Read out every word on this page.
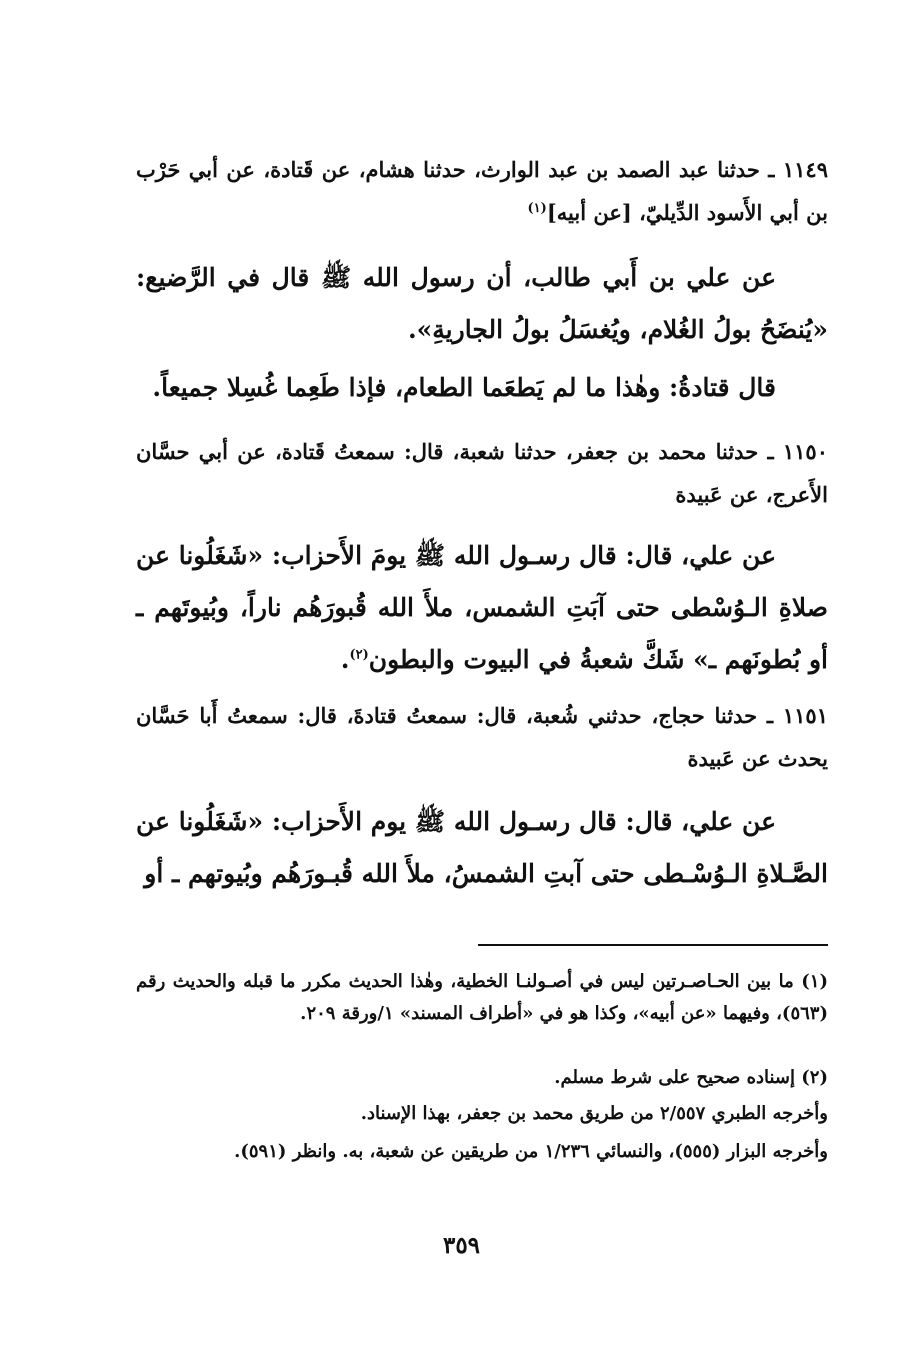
١١٤٩ ـ حدثنا عبد الصمد بن عبد الوارث، حدثنا هشام، عن قَتادة، عن أبي حَرْب بن أبي الأَسود الدِّيليّ، [عن أبيه]$^{(١)}$

عن علي بن أَبي طالب، أن رسول الله ﷺ قال في الرَّضيع: «يُنضَحُ بولُ الغُلام، ويُغسَلُ بولُ الجاريةِ».

قال قتادةُ: وهٰذا ما لم يَطعَما الطعام، فإذا طَعِما غُسِلا جميعاً.

١١٥٠ ـ حدثنا محمد بن جعفر، حدثنا شعبة، قال: سمعتُ قَتادة، عن أبي حسَّان الأَعرج، عن عَبيدة

عن علي، قال: قال رسـول الله ﷺ يومَ الأَحزاب: «شَغَلُونا عن صلاةِ الـوُسْطى حتى آبَتِ الشمس، ملأَ الله قُبورَهُم ناراً، وبُيوتَهم ـ أو بُطونَهم ـ» شَكَّ شعبةُ في البيوت والبطون$^{(٢)}$.

١١٥١ ـ حدثنا حجاج، حدثني شُعبة، قال: سمعتُ قتادةَ، قال: سمعتُ أَبا حَسَّان يحدث عن عَبيدة

عن علي، قال: قال رسـول الله ﷺ يوم الأَحزاب: «شَغَلُونا عن الصَّـلاةِ الـوُسْـطى حتى آبتِ الشمسُ، ملأَ الله قُبـورَهُم وبُيوتهم ـ أو

(١) ما بين الحـاصـرتين ليس في أصـولنـا الخطية، وهٰذا الحديث مكرر ما قبله والحديث رقم (٥٦٣)، وفيهما «عن أبيه»، وكذا هو في «أطراف المسند» ١/ورقة ٢٠٩.

(٢) إسناده صحيح على شرط مسلم.

وأخرجه الطبري ٢/٥٥٧ من طريق محمد بن جعفر، بهذا الإسناد.

وأخرجه البزار (٥٥٥)، والنسائي ١/٢٣٦ من طريقين عن شعبة، به. وانظر (٥٩١).

٣٥٩
